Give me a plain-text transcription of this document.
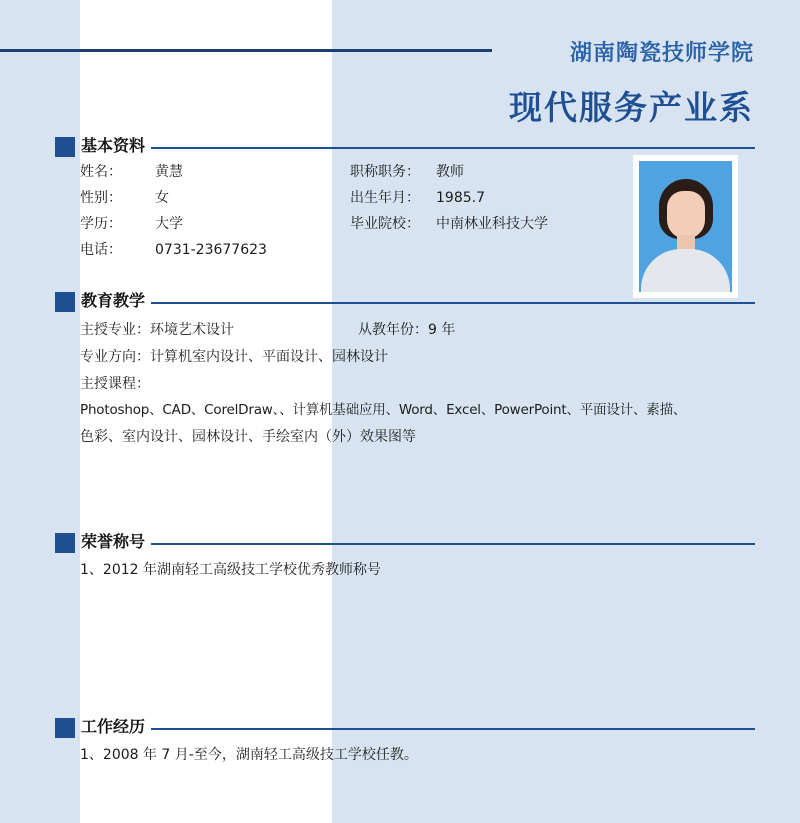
湖南陶瓷技师学院
现代服务产业系
基本资料
姓名： 黄慧
性别： 女
学历： 大学
电话： 0731-23677623
职称职务： 教师
出生年月： 1985.7
毕业院校： 中南林业科技大学
教育教学
主授专业：环境艺术设计	从教年份：9 年
专业方向：计算机室内设计、平面设计、园林设计
主授课程：
Photoshop、CAD、CorelDraw、、计算机基础应用、Word、Excel、PowerPoint、平面设计、素描、
色彩、室内设计、园林设计、手绘室内（外）效果图等
荣誉称号
1、2012 年湖南轻工高级技工学校优秀教师称号
工作经历
1、2008 年 7 月-至今，湖南轻工高级技工学校任教。
